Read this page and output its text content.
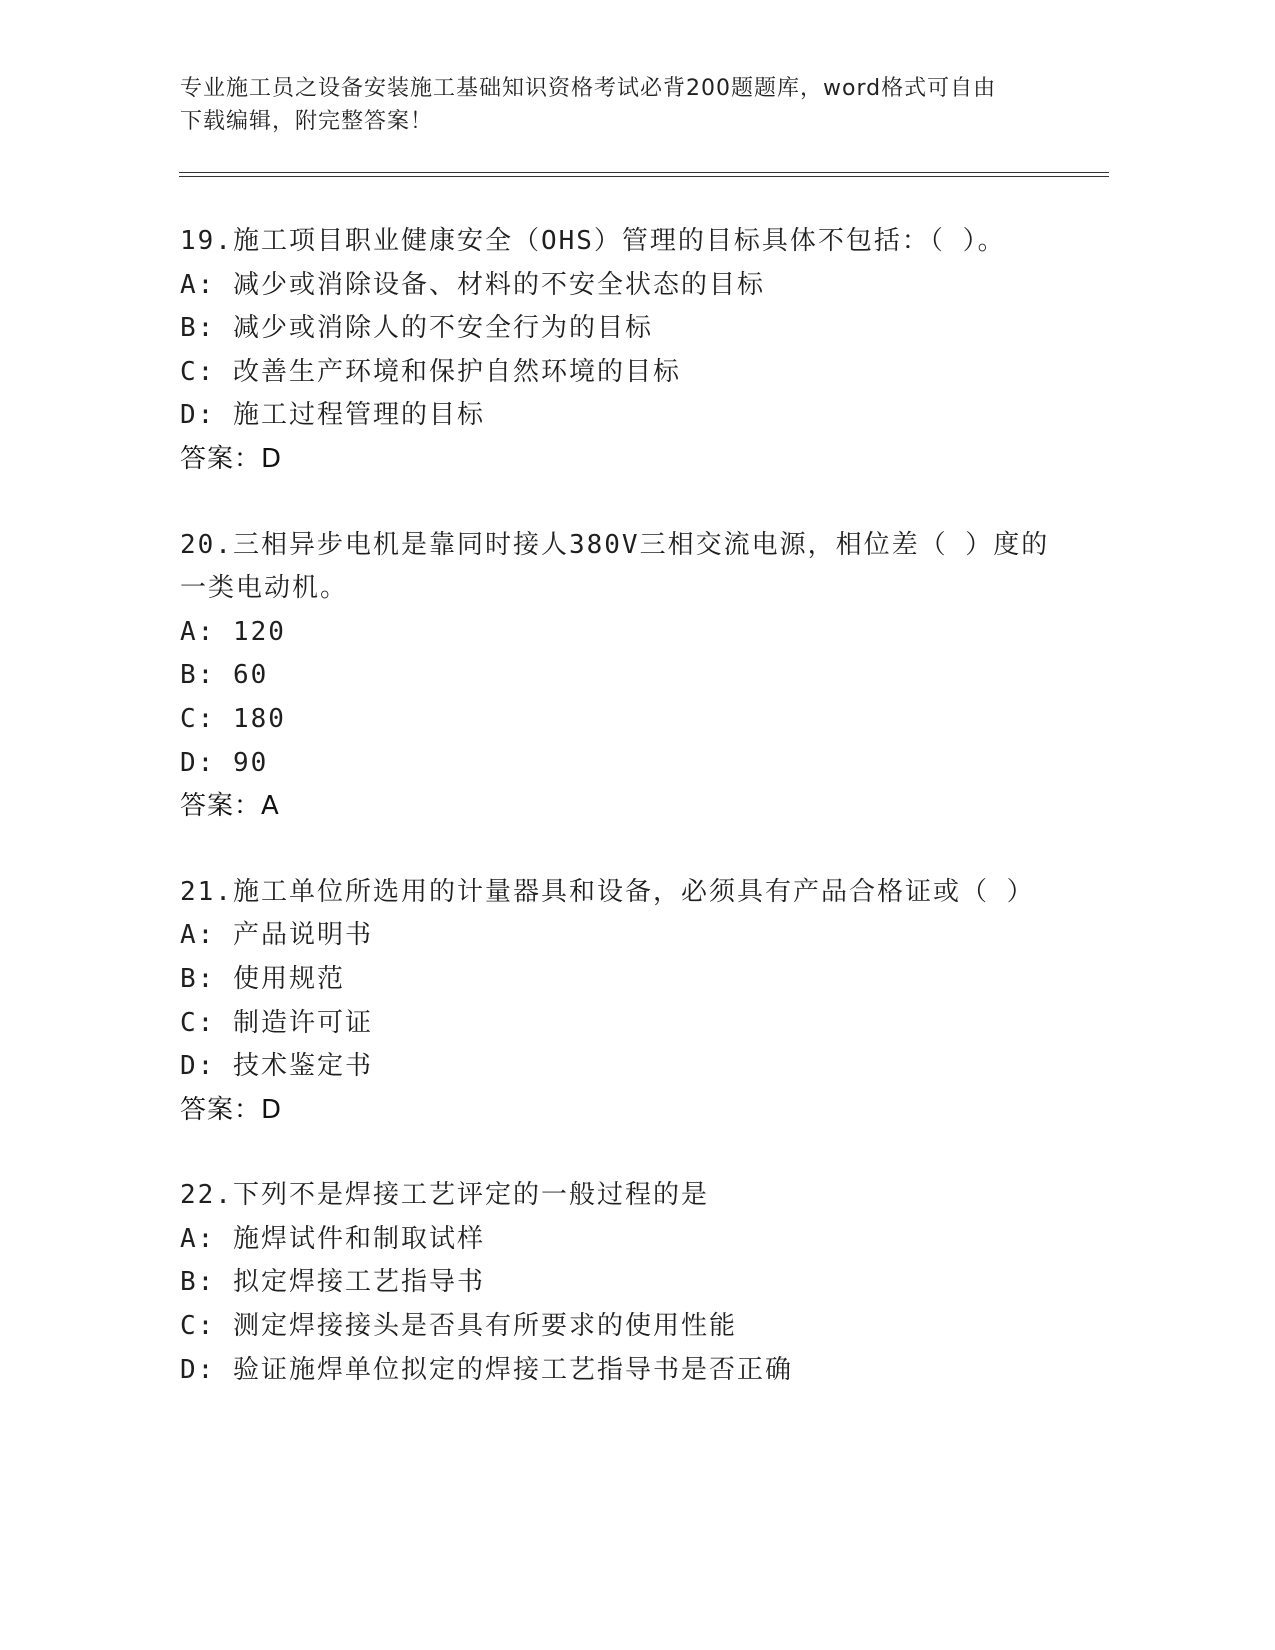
专业施工员之设备安装施工基础知识资格考试必背200题题库，word格式可自由
下载编辑，附完整答案！
19.施工项目职业健康安全（OHS）管理的目标具体不包括：（ ）。
A: 减少或消除设备、材料的不安全状态的目标
B: 减少或消除人的不安全行为的目标
C: 改善生产环境和保护自然环境的目标
D: 施工过程管理的目标
答案：D
20.三相异步电机是靠同时接人380V三相交流电源，相位差（ ）度的
一类电动机。
A: 120
B: 60
C: 180
D: 90
答案：A
21.施工单位所选用的计量器具和设备，必须具有产品合格证或（ ）
A: 产品说明书
B: 使用规范
C: 制造许可证
D: 技术鉴定书
答案：D
22.下列不是焊接工艺评定的一般过程的是
A: 施焊试件和制取试样
B: 拟定焊接工艺指导书
C: 测定焊接接头是否具有所要求的使用性能
D: 验证施焊单位拟定的焊接工艺指导书是否正确
